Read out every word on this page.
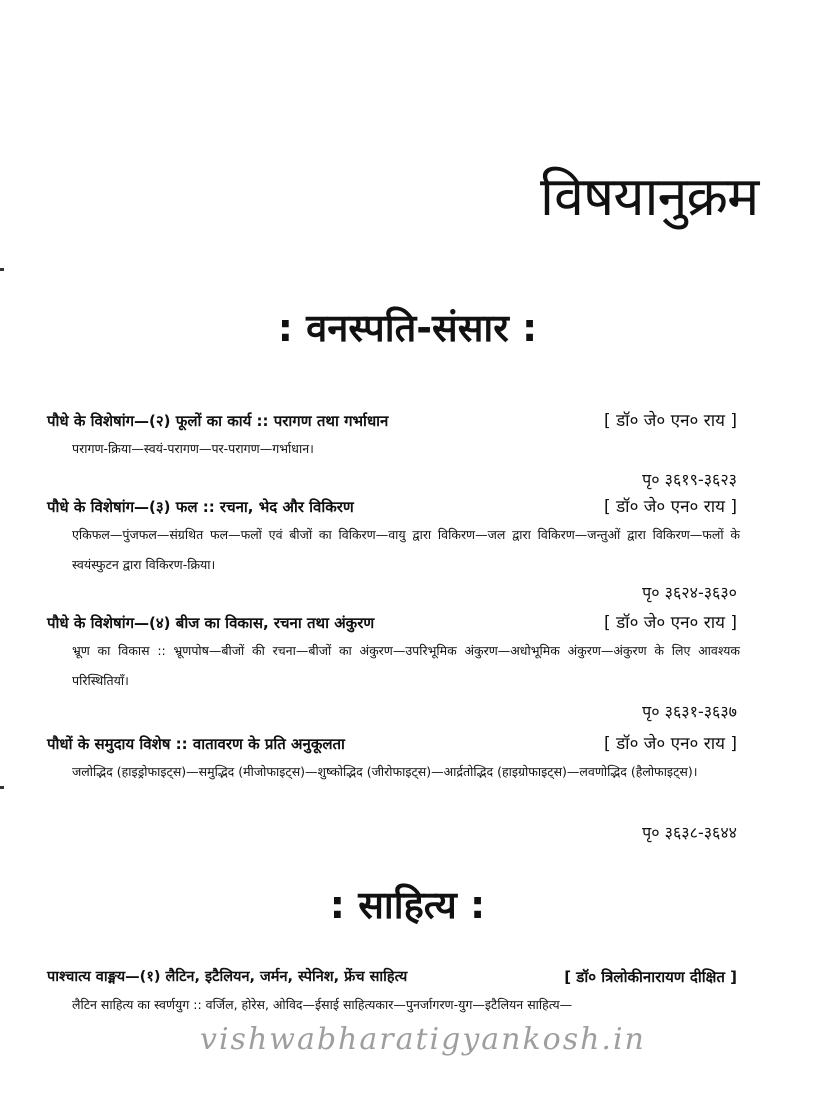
विषयानुक्रम
: वनस्पति-संसार :
पौधे के विशेषांग—(२) फूलों का कार्य :: परागण तथा गर्भाधान	[ डॉ० जे० एन० राय ]
परागण-क्रिया—स्वयं-परागण—पर-परागण—गर्भाधान।
पृ० ३६१९-३६२३
पौधे के विशेषांग—(३) फल :: रचना, भेद और विकिरण	[ डॉ० जे० एन० राय ]
एकिफल—पुंजफल—संग्रथित फल—फलों एवं बीजों का विकिरण—वायु द्वारा विकिरण—जल द्वारा विकिरण—जन्तुओं द्वारा विकिरण—फलों के स्वयंस्फुटन द्वारा विकिरण-क्रिया।
पृ० ३६२४-३६३०
पौधे के विशेषांग—(४) बीज का विकास, रचना तथा अंकुरण	[ डॉ० जे० एन० राय ]
भ्रूण का विकास :: भ्रूणपोष—बीजों की रचना—बीजों का अंकुरण—उपरिभूमिक अंकुरण—अधोभूमिक अंकुरण—अंकुरण के लिए आवश्यक परिस्थितियाँ।
पृ० ३६३१-३६३७
पौधों के समुदाय विशेष :: वातावरण के प्रति अनुकूलता	[ डॉ० जे० एन० राय ]
जलोद्भिद (हाइड्रोफाइट्स)—समुद्भिद (मीजोफाइट्स)—शुष्कोद्भिद (जीरोफाइट्स)—आर्द्रतोद्भिद (हाइग्रोफाइट्स)—लवणोद्भिद (हैलोफाइट्स)।
पृ० ३६३८-३६४४
: साहित्य :
पाश्चात्य वाङ्मय—(१) लैटिन, इटैलियन, जर्मन, स्पेनिश, फ्रेंच साहित्य	[ डॉ० त्रिलोकीनारायण दीक्षित ]
लैटिन साहित्य का स्वर्णयुग :: वर्जिल, होरेस, ओविद—ईसाई साहित्यकार—पुनर्जागरण-युग—इटैलियन साहित्य—
vishwabharatigyankosh.in
